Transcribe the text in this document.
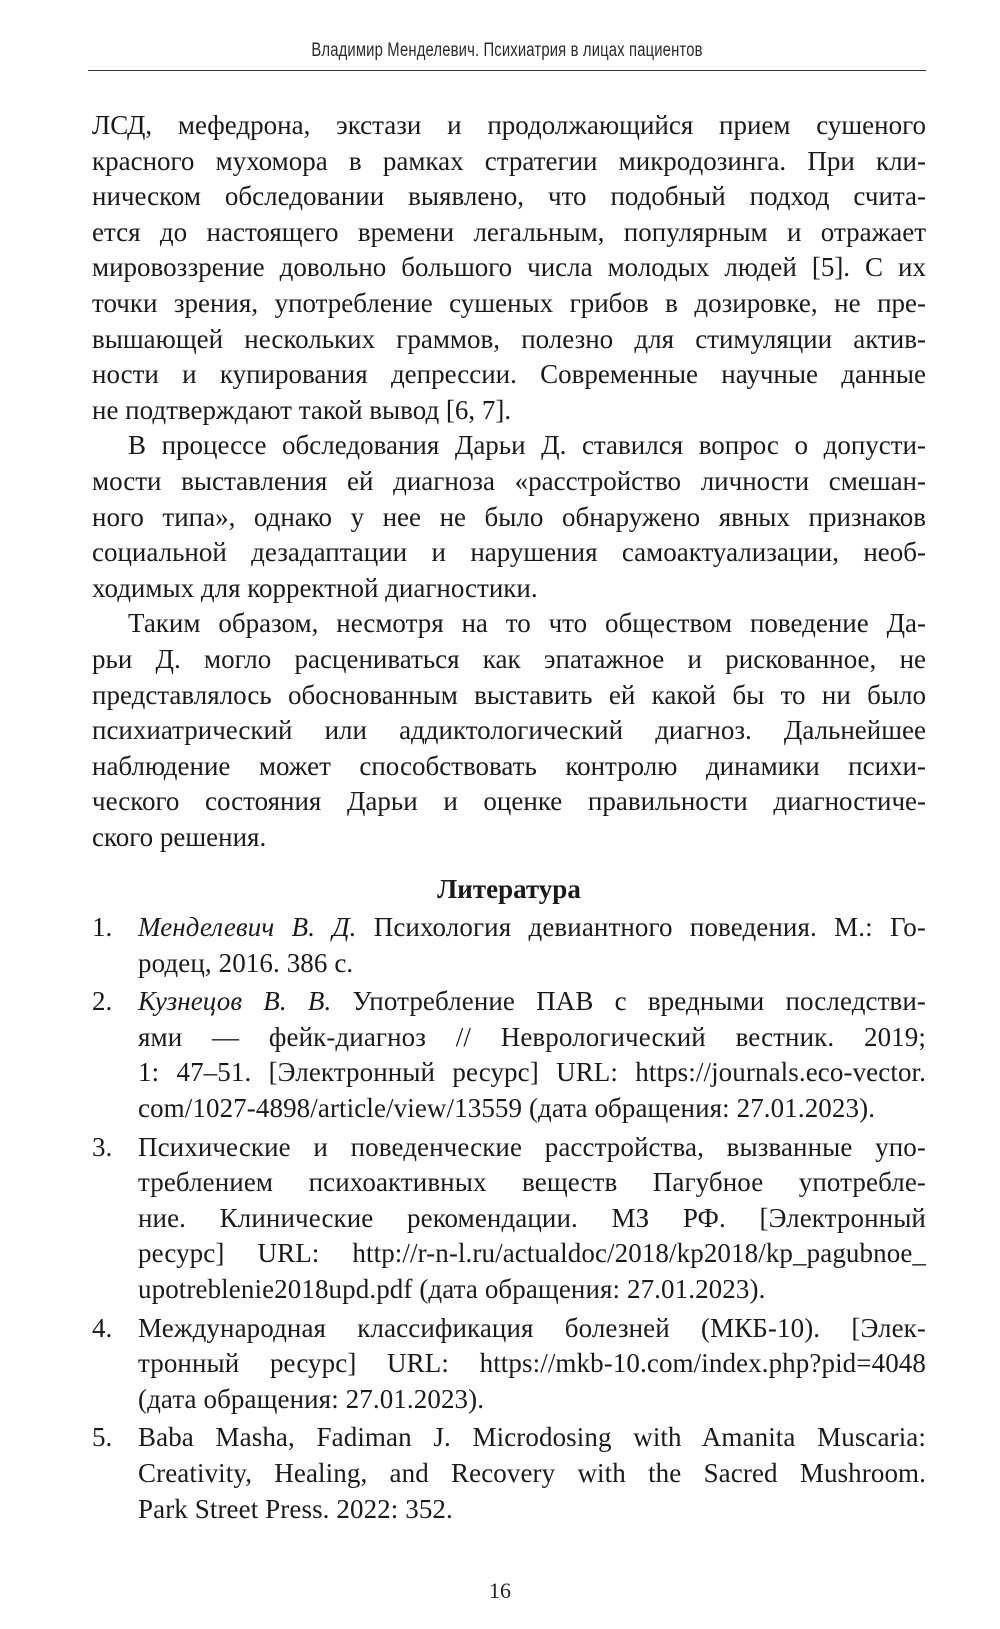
Владимир Менделевич. Психиатрия в лицах пациентов
ЛСД, мефедрона, экстази и продолжающийся прием сушеного
красного мухомора в рамках стратегии микродозинга. При кли-
ническом обследовании выявлено, что подобный подход счита-
ется до настоящего времени легальным, популярным и отражает
мировоззрение довольно большого числа молодых людей [5]. С их
точки зрения, употребление сушеных грибов в дозировке, не пре-
вышающей нескольких граммов, полезно для стимуляции актив-
ности и купирования депрессии. Современные научные данные
не подтверждают такой вывод [6, 7].
В процессе обследования Дарьи Д. ставился вопрос о допусти-
мости выставления ей диагноза «расстройство личности смешан-
ного типа», однако у нее не было обнаружено явных признаков
социальной дезадаптации и нарушения самоактуализации, необ-
ходимых для корректной диагностики.
Таким образом, несмотря на то что обществом поведение Да-
рьи Д. могло расцениваться как эпатажное и рискованное, не
представлялось обоснованным выставить ей какой бы то ни было
психиатрический или аддиктологический диагноз. Дальнейшее
наблюдение может способствовать контролю динамики психи-
ческого состояния Дарьи и оценке правильности диагностиче-
ского решения.
Литература
1. Менделевич В. Д. Психология девиантного поведения. М.: Го-
родец, 2016. 386 с.
2. Кузнецов В. В. Употребление ПАВ с вредными последстви-
ями — фейк-диагноз // Неврологический вестник. 2019;
1: 47–51. [Электронный ресурс] URL: https://journals.eco-vector.
com/1027-4898/article/view/13559 (дата обращения: 27.01.2023).
3. Психические и поведенческие расстройства, вызванные упо-
треблением психоактивных веществ Пагубное употребле-
ние. Клинические рекомендации. МЗ РФ. [Электронный
ресурс] URL: http://r-n-l.ru/actualdoc/2018/kp2018/kp_pagubnoe_
upotreblenie2018upd.pdf (дата обращения: 27.01.2023).
4. Международная классификация болезней (МКБ-10). [Элек-
тронный ресурс] URL: https://mkb-10.com/index.php?pid=4048
(дата обращения: 27.01.2023).
5. Baba Masha, Fadiman J. Microdosing with Amanita Muscaria:
Creativity, Healing, and Recovery with the Sacred Mushroom.
Park Street Press. 2022: 352.
16
